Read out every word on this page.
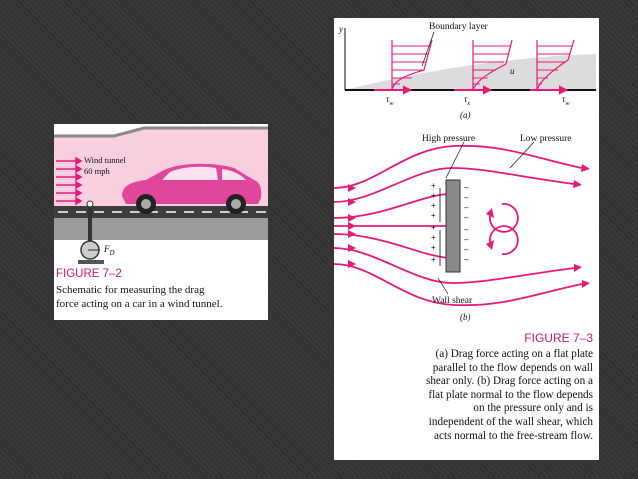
Wind tunnel
60 mph
$F_D$
FIGURE 7–2
Schematic for measuring the drag
force acting on a car in a wind tunnel.
+
+
+
+
+
+
+
+
–
–
–
–
–
–
–
–
y	Boundary layer
u
$\tau_w$	$\tau_x$	$\tau_w$
(a)
High pressure	Low pressure
Wall shear
(b)
FIGURE 7–3
(a) Drag force acting on a flat plate
parallel to the flow depends on wall
shear only. (b) Drag force acting on a
flat plate normal to the flow depends
on the pressure only and is
independent of the wall shear, which
acts normal to the free-stream flow.
